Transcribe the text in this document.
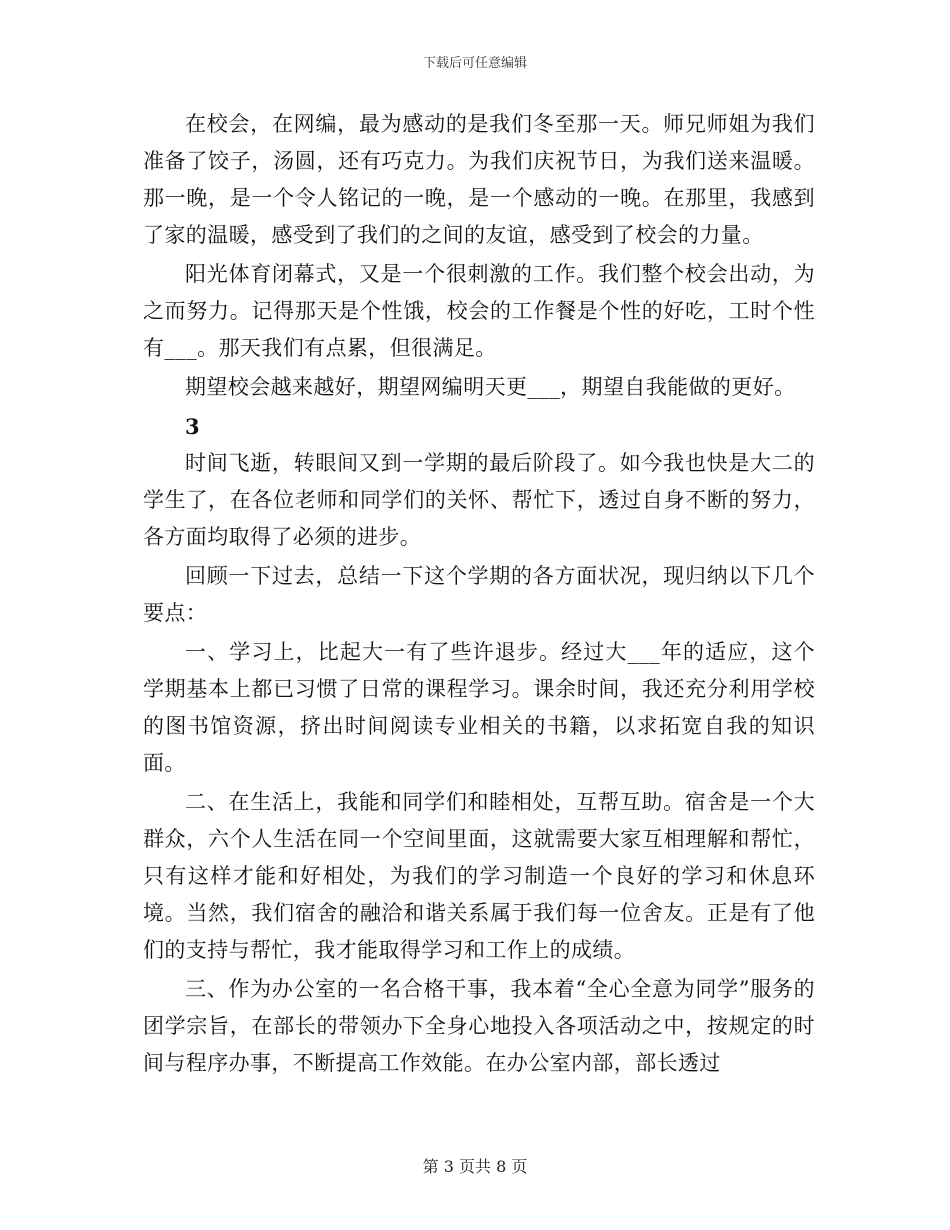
下载后可任意编辑

在校会，在网编，最为感动的是我们冬至那一天。师兄师姐为我们准备了饺子，汤圆，还有巧克力。为我们庆祝节日，为我们送来温暖。那一晚，是一个令人铭记的一晚，是一个感动的一晚。在那里，我感到了家的温暖，感受到了我们的之间的友谊，感受到了校会的力量。

阳光体育闭幕式，又是一个很刺激的工作。我们整个校会出动，为之而努力。记得那天是个性饿，校会的工作餐是个性的好吃，工时个性有___。那天我们有点累，但很满足。

期望校会越来越好，期望网编明天更___，期望自我能做的更好。

3

时间飞逝，转眼间又到一学期的最后阶段了。如今我也快是大二的学生了，在各位老师和同学们的关怀、帮忙下，透过自身不断的努力，各方面均取得了必须的进步。

回顾一下过去，总结一下这个学期的各方面状况，现归纳以下几个要点：

一、学习上，比起大一有了些许退步。经过大___年的适应，这个学期基本上都已习惯了日常的课程学习。课余时间，我还充分利用学校的图书馆资源，挤出时间阅读专业相关的书籍，以求拓宽自我的知识面。

二、在生活上，我能和同学们和睦相处，互帮互助。宿舍是一个大群众，六个人生活在同一个空间里面，这就需要大家互相理解和帮忙，只有这样才能和好相处，为我们的学习制造一个良好的学习和休息环境。当然，我们宿舍的融洽和谐关系属于我们每一位舍友。正是有了他们的支持与帮忙，我才能取得学习和工作上的成绩。

三、作为办公室的一名合格干事，我本着“全心全意为同学”服务的团学宗旨，在部长的带领办下全身心地投入各项活动之中，按规定的时间与程序办事，不断提高工作效能。在办公室内部，部长透过

第 3 页共 8 页
